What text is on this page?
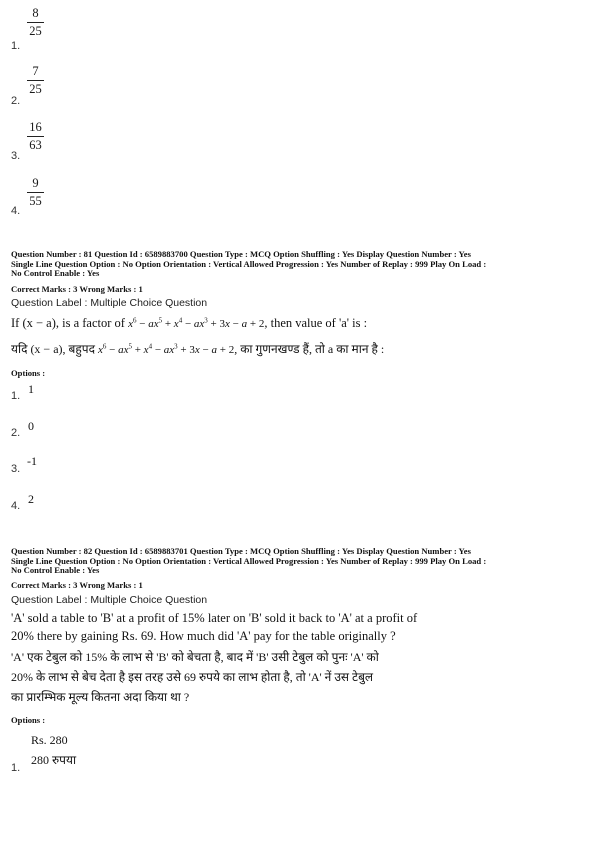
1.
8
25
2.
7
25
3.
16
63
4.
9
55
Question Number : 81 Question Id : 6589883700 Question Type : MCQ Option Shuffling : Yes Display Question Number : Yes
Single Line Question Option : No Option Orientation : Vertical Allowed Progression : Yes Number of Replay : 999 Play On Load :
No Control Enable : Yes
Correct Marks : 3 Wrong Marks : 1
Question Label : Multiple Choice Question
If (x − a), is a factor of $x^6 - ax^5 + x^4 - ax^3 + 3x - a + 2$, then value of 'a' is :
यदि (x − a), बहुपद $x^6 - ax^5 + x^4 - ax^3 + 3x - a + 2$, का गुणनखण्ड हैं, तो a का मान है :
Options :
1. 1
2. 0
3.
-1
4. 2
Question Number : 82 Question Id : 6589883701 Question Type : MCQ Option Shuffling : Yes Display Question Number : Yes
Single Line Question Option : No Option Orientation : Vertical Allowed Progression : Yes Number of Replay : 999 Play On Load :
No Control Enable : Yes
Correct Marks : 3 Wrong Marks : 1
Question Label : Multiple Choice Question
'A' sold a table to 'B' at a profit of 15% later on 'B' sold it back to 'A' at a profit of
20% there by gaining Rs. 69. How much did 'A' pay for the table originally ?
'A' एक टेबुल को 15% के लाभ से 'B' को बेचता है, बाद में 'B' उसी टेबुल को पुनः 'A' को
20% के लाभ से बेच देता है इस तरह उसे 69 रुपये का लाभ होता है, तो 'A' नें उस टेबुल
का प्रारम्भिक मूल्य कितना अदा किया था ?
Options :
1.
Rs. 280
280 रुपया
